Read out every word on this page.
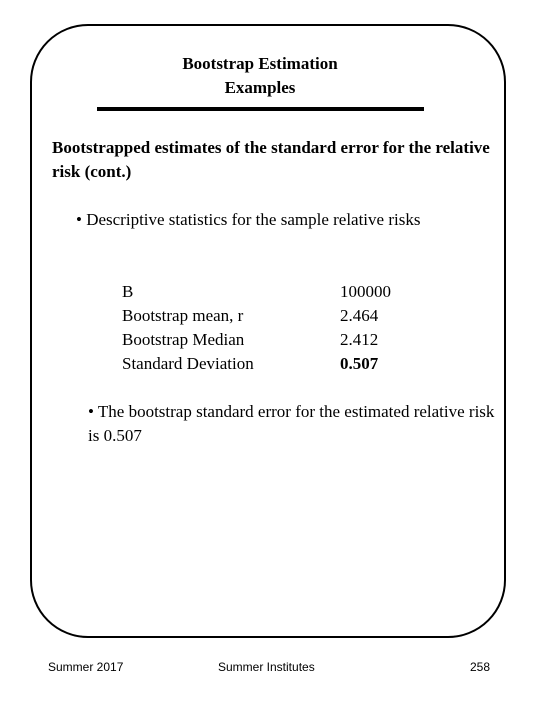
Bootstrap Estimation
Examples
Bootstrapped estimates of the standard error for the relative risk (cont.)
• Descriptive statistics for the sample relative risks
B	100000
Bootstrap mean, r	2.464
Bootstrap Median	2.412
Standard Deviation	0.507
• The bootstrap standard error for the estimated relative risk is 0.507
Summer 2017	Summer Institutes	258
